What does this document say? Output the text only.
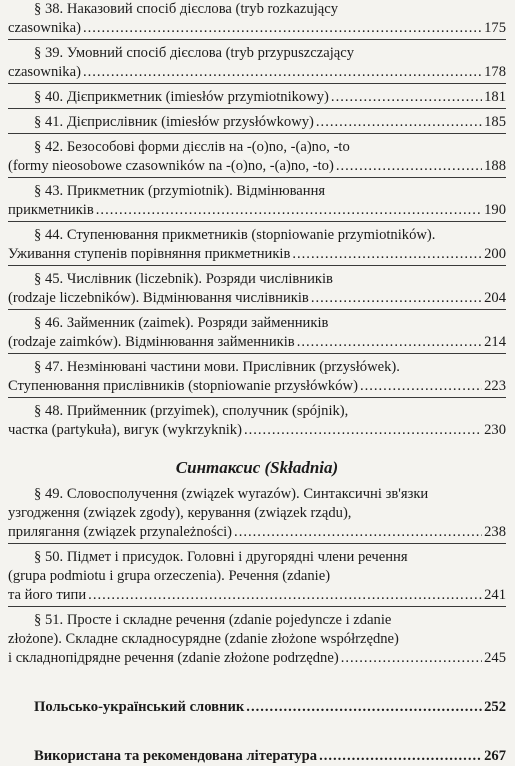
§ 38. Наказовий спосіб дієслова (tryb rozkazujący
czasownika) .....	175
§ 39. Умовний спосіб дієслова (tryb przypuszczający
czasownika) .....	178
§ 40. Дієприкметник (imiesłów przymiotnikowy) .....	181
§ 41. Дієприслівник (imiesłów przysłówkowy) .....	185
§ 42. Безособові форми дієслів на -(o)no, -(a)no, -to
(formy nieosobowe czasowników na -(o)no, -(a)no, -to) .....	188
§ 43. Прикметник (przymiotnik). Відмінювання
прикметників .....	190
§ 44. Ступенювання прикметників (stopniowanie przymiotników).
Уживання ступенів порівняння прикметників .....	200
§ 45. Числівник (liczebnik). Розряди числівників
(rodzaje liczebników). Відмінювання числівників .....	204
§ 46. Займенник (zaimek). Розряди займенників
(rodzaje zaimków). Відмінювання займенників .....	214
§ 47. Незмінювані частини мови. Прислівник (przysłówek).
Ступенювання прислівників (stopniowanie przysłówków) .....	223
§ 48. Прийменник (przyimek), сполучник (spójnik),
частка (partykuła), вигук (wykrzyknik) .....	230
Синтаксис (Składnia)
§ 49. Словосполучення (związek wyrazów). Синтаксичні зв'язки
узгодження (związek zgody), керування (związek rządu),
прилягання (związek przynależności) .....	238
§ 50. Підмет і присудок. Головні і другорядні члени речення
(grupa podmiotu i grupa orzeczenia). Речення (zdanie)
та його типи .....	241
§ 51. Просте і складне речення (zdanie pojedyncze i zdanie
złożone). Складне складносурядне (zdanie złożone współrzędne)
і складнопідрядне речення (zdanie złożone podrzędne) .....	245
Польсько-український словник .....	252
Використана та рекомендована література .....	267
